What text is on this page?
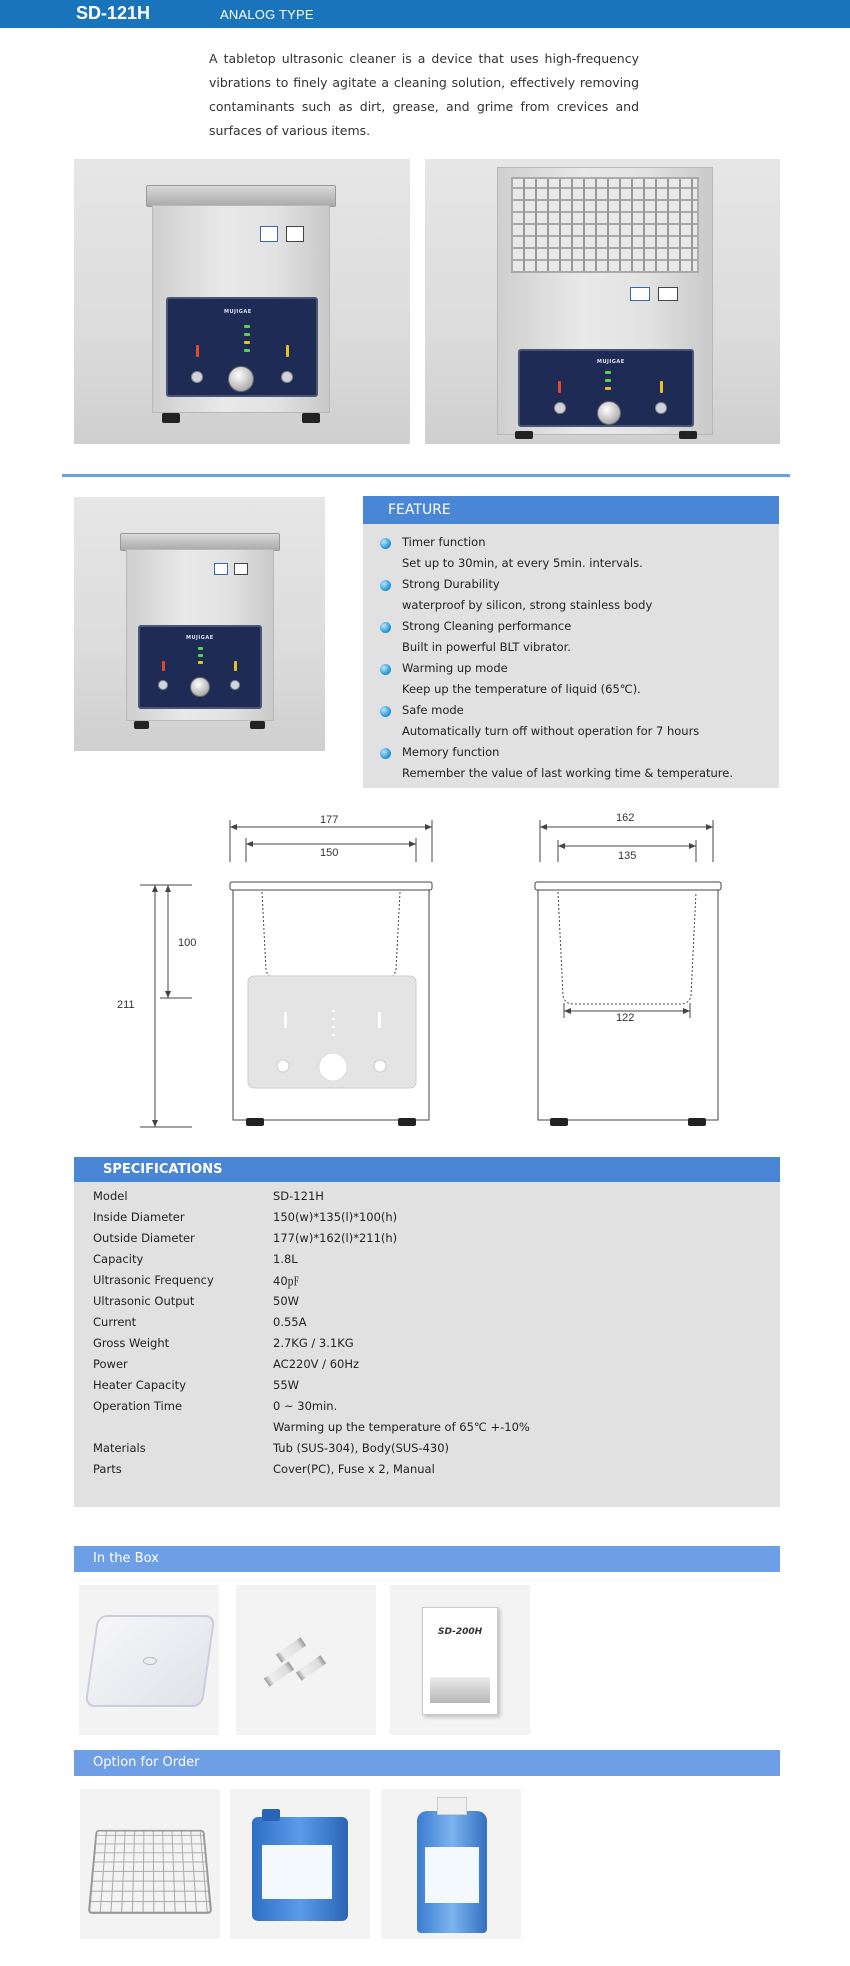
SD-121H	ANALOG TYPE
A tabletop ultrasonic cleaner is a device that uses high-frequency vibrations to finely agitate a cleaning solution, effectively removing contaminants such as dirt, grease, and grime from crevices and surfaces of various items.
MUJIGAE
MUJIGAE
MUJIGAE
FEATURE
Timer function
Set up to 30min, at every 5min. intervals.
Strong Durability
waterproof by silicon, strong stainless body
Strong Cleaning performance
Built in powerful BLT vibrator.
Warming up mode
Keep up the temperature of liquid (65℃).
Safe mode
Automatically turn off without operation for 7 hours
Memory function
Remember the value of last working time & temperature.
177
150
100
211
162
135
122
SPECIFICATIONS
Model	SD-121H
Inside Diameter	150(w)*135(l)*100(h)
Outside Diameter	177(w)*162(l)*211(h)
Capacity	1.8L
Ultrasonic Frequency	40㎊
Ultrasonic Output	50W
Current	0.55A
Gross Weight	2.7KG / 3.1KG
Power	AC220V / 60Hz
Heater Capacity	55W
Operation Time	0 ~ 30min.
Warming up the temperature of 65℃ +-10%
Materials	Tub (SUS-304), Body(SUS-430)
Parts	Cover(PC), Fuse x 2, Manual
In the Box
SD-200H
Option for Order
